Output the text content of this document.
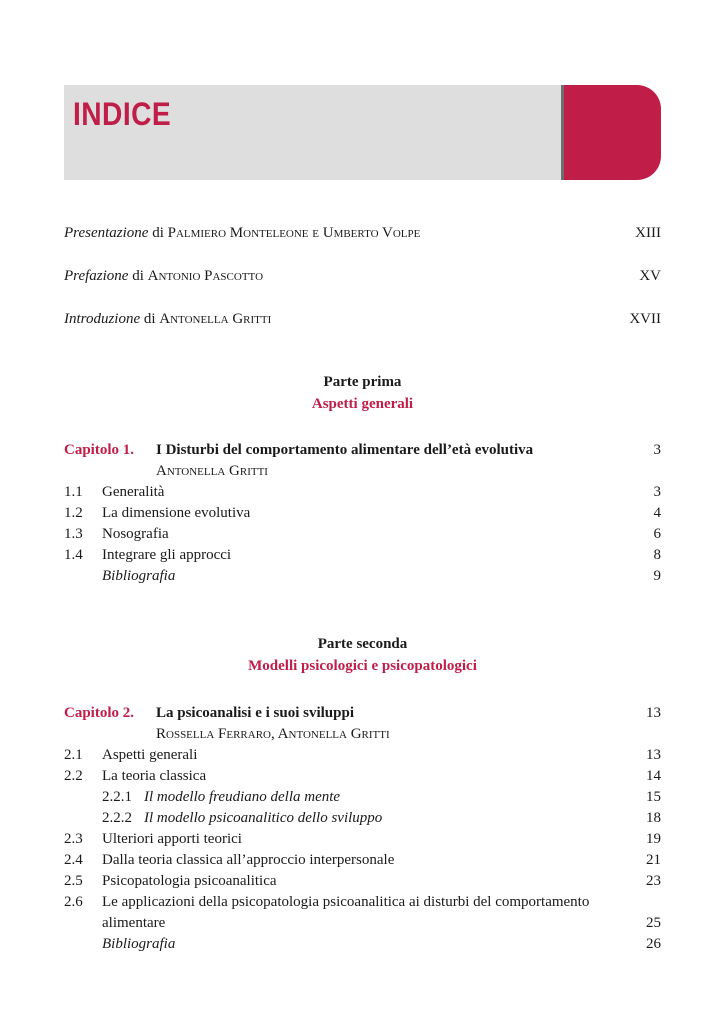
INDICE
Presentazione di Palmiero Monteleone e Umberto Volpe	XIII
Prefazione di Antonio Pascotto	XV
Introduzione di Antonella Gritti	XVII
Parte prima
Aspetti generali
Capitolo 1. I Disturbi del comportamento alimentare dell’età evolutiva	3
Antonella Gritti
1.1 Generalità	3
1.2 La dimensione evolutiva	4
1.3 Nosografia	6
1.4 Integrare gli approcci	8
Bibliografia	9
Parte seconda
Modelli psicologici e psicopatologici
Capitolo 2. La psicoanalisi e i suoi sviluppi	13
Rossella Ferraro, Antonella Gritti
2.1 Aspetti generali	13
2.2 La teoria classica	14
2.2.1 Il modello freudiano della mente	15
2.2.2 Il modello psicoanalitico dello sviluppo	18
2.3 Ulteriori apporti teorici	19
2.4 Dalla teoria classica all’approccio interpersonale	21
2.5 Psicopatologia psicoanalitica	23
2.6 Le applicazioni della psicopatologia psicoanalitica ai disturbi del comportamento
alimentare	25
Bibliografia	26
